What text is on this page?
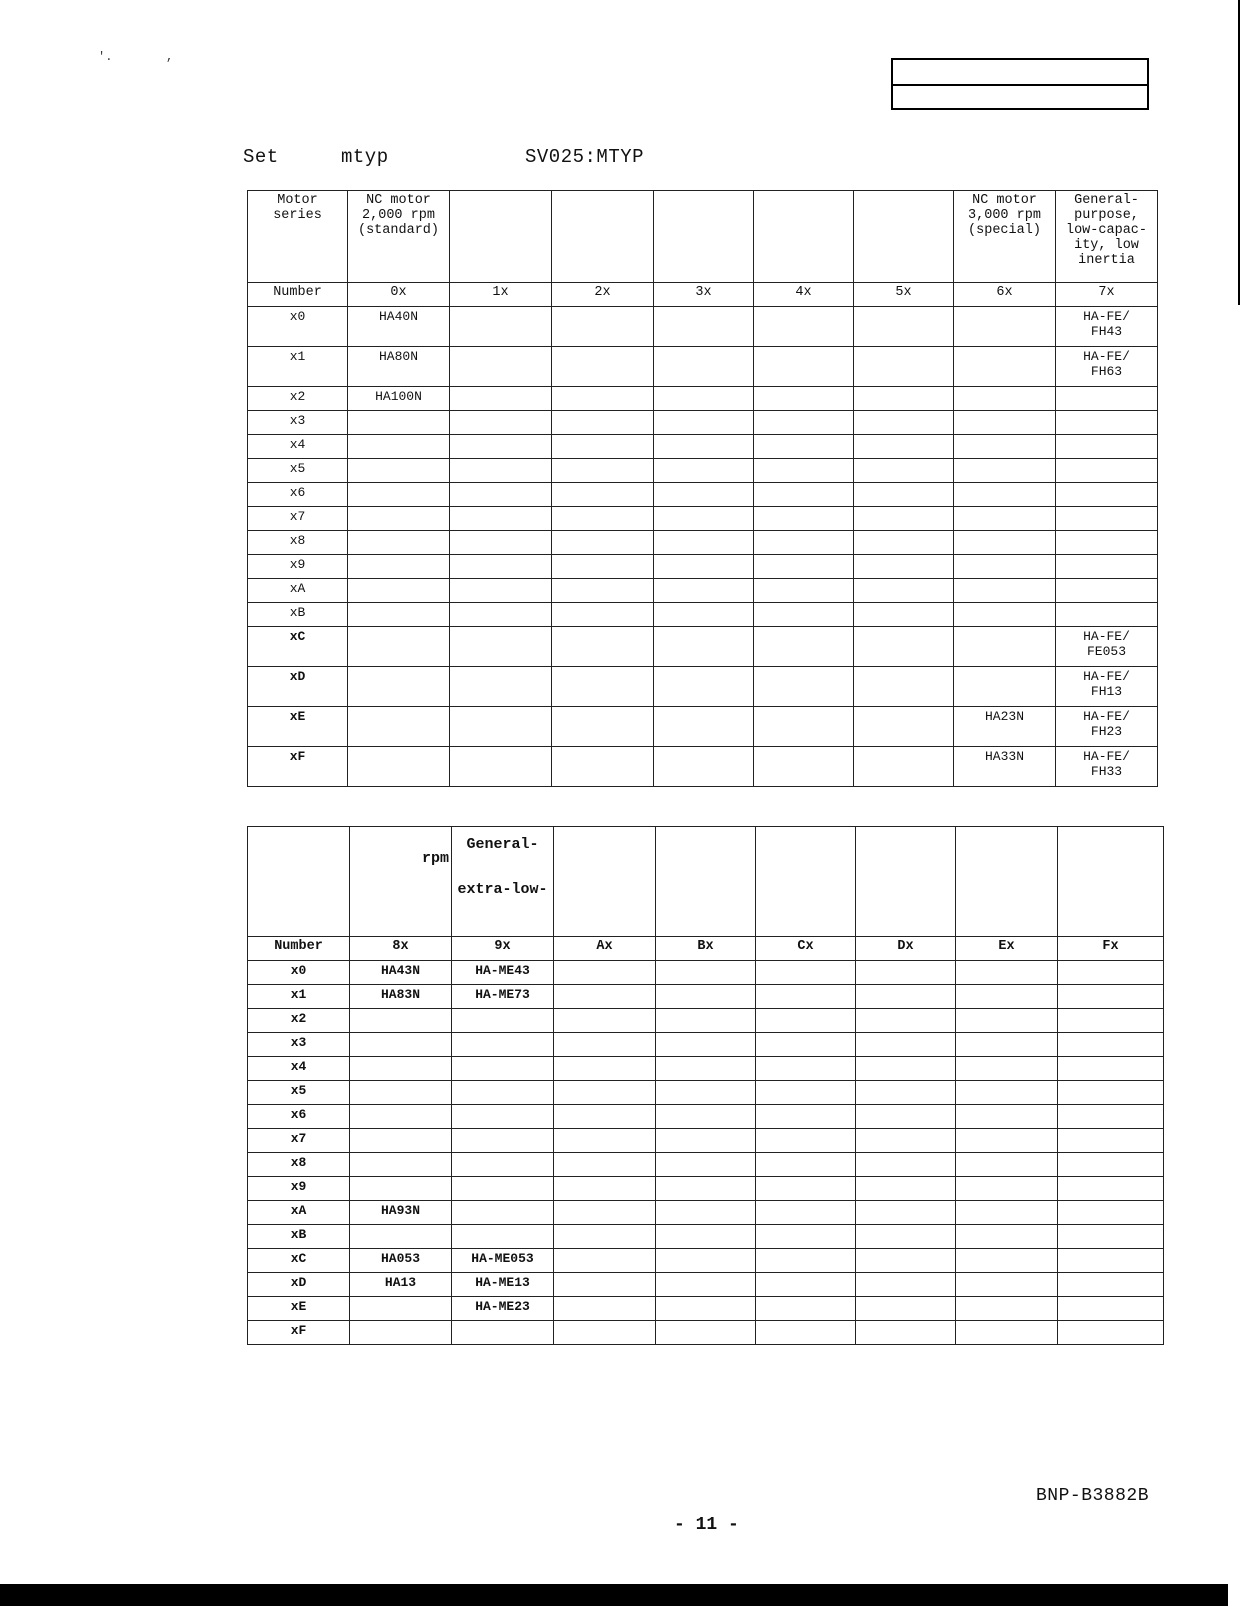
'.	,
Set	mtyp	SV025:MTYP
Motor
series	NC motor
2,000 rpm
(standard)						NC motor
3,000 rpm
(special)	General-
purpose,
low-capac-
ity, low
inertia
Number	0x	1x	2x	3x	4x	5x	6x	7x
x0	HA40N							HA-FE/
FH43
x1	HA80N							HA-FE/
FH63
x2	HA100N							
x3								
x4								
x5								
x6								
x7								
x8								
x9								
xA								
xB								
xC								HA-FE/
FE053
xD								HA-FE/
FH13
xE							HA23N	HA-FE/
FH23
xF							HA33N	HA-FE/
FH33
	rpm	General-

extra-low-						
Number	8x	9x	Ax	Bx	Cx	Dx	Ex	Fx
x0	HA43N	HA-ME43						
x1	HA83N	HA-ME73						
x2								
x3								
x4								
x5								
x6								
x7								
x8								
x9								
xA	HA93N							
xB								
xC	HA053	HA-ME053						
xD	HA13	HA-ME13						
xE		HA-ME23						
xF								
BNP-B3882B
- 11 -
